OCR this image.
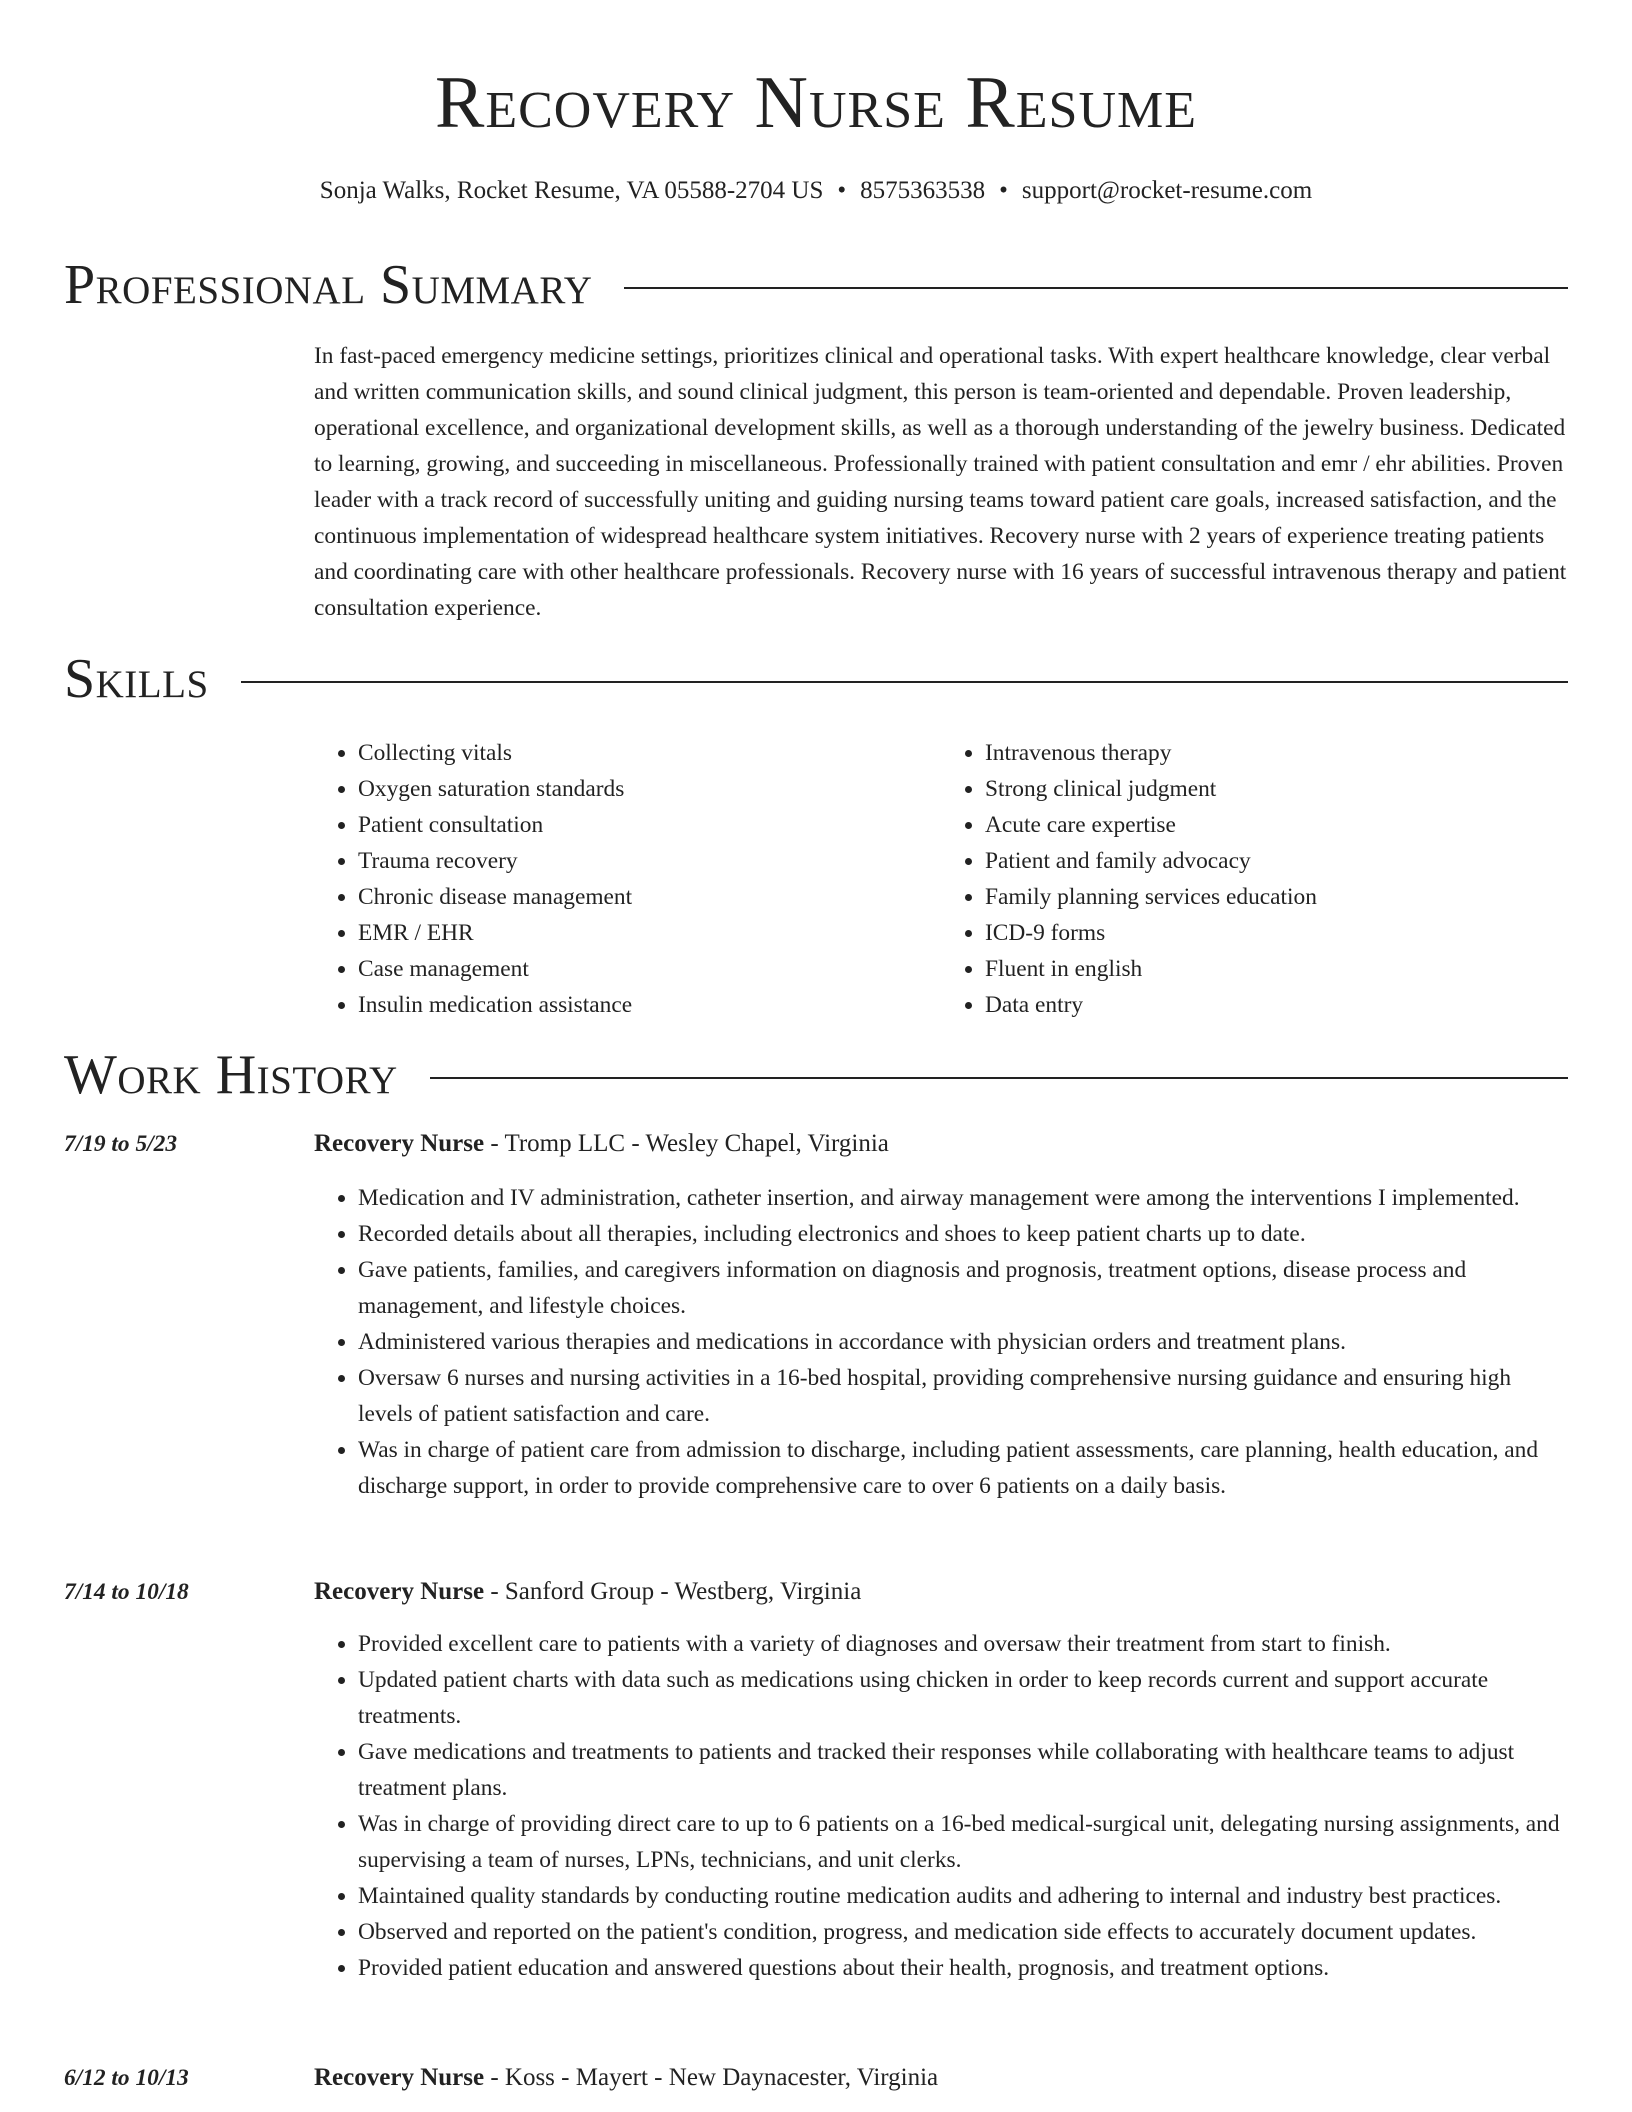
Recovery Nurse Resume
Sonja Walks, Rocket Resume, VA 05588-2704 US • 8575363538 • support@rocket-resume.com
Professional Summary

In fast-paced emergency medicine settings, prioritizes clinical and operational tasks. With expert healthcare knowledge, clear verbal and written communication skills, and sound clinical judgment, this person is team-oriented and dependable. Proven leadership, operational excellence, and organizational development skills, as well as a thorough understanding of the jewelry business. Dedicated to learning, growing, and succeeding in miscellaneous. Professionally trained with patient consultation and emr / ehr abilities. Proven leader with a track record of successfully uniting and guiding nursing teams toward patient care goals, increased satisfaction, and the continuous implementation of widespread healthcare system initiatives. Recovery nurse with 2 years of experience treating patients and coordinating care with other healthcare professionals. Recovery nurse with 16 years of successful intravenous therapy and patient consultation experience.

Skills
• Collecting vitals
• Oxygen saturation standards
• Patient consultation
• Trauma recovery
• Chronic disease management
• EMR / EHR
• Case management
• Insulin medication assistance
• Intravenous therapy
• Strong clinical judgment
• Acute care expertise
• Patient and family advocacy
• Family planning services education
• ICD-9 forms
• Fluent in english
• Data entry
Work History
7/19 to 5/23	Recovery Nurse - Tromp LLC - Wesley Chapel, Virginia
• Medication and IV administration, catheter insertion, and airway management were among the interventions I implemented.
• Recorded details about all therapies, including electronics and shoes to keep patient charts up to date.
• Gave patients, families, and caregivers information on diagnosis and prognosis, treatment options, disease process and management, and lifestyle choices.
• Administered various therapies and medications in accordance with physician orders and treatment plans.
• Oversaw 6 nurses and nursing activities in a 16-bed hospital, providing comprehensive nursing guidance and ensuring high levels of patient satisfaction and care.
• Was in charge of patient care from admission to discharge, including patient assessments, care planning, health education, and discharge support, in order to provide comprehensive care to over 6 patients on a daily basis.
7/14 to 10/18	Recovery Nurse - Sanford Group - Westberg, Virginia
• Provided excellent care to patients with a variety of diagnoses and oversaw their treatment from start to finish.
• Updated patient charts with data such as medications using chicken in order to keep records current and support accurate treatments.
• Gave medications and treatments to patients and tracked their responses while collaborating with healthcare teams to adjust treatment plans.
• Was in charge of providing direct care to up to 6 patients on a 16-bed medical-surgical unit, delegating nursing assignments, and supervising a team of nurses, LPNs, technicians, and unit clerks.
• Maintained quality standards by conducting routine medication audits and adhering to internal and industry best practices.
• Observed and reported on the patient's condition, progress, and medication side effects to accurately document updates.
• Provided patient education and answered questions about their health, prognosis, and treatment options.
6/12 to 10/13	Recovery Nurse - Koss - Mayert - New Daynacester, Virginia
